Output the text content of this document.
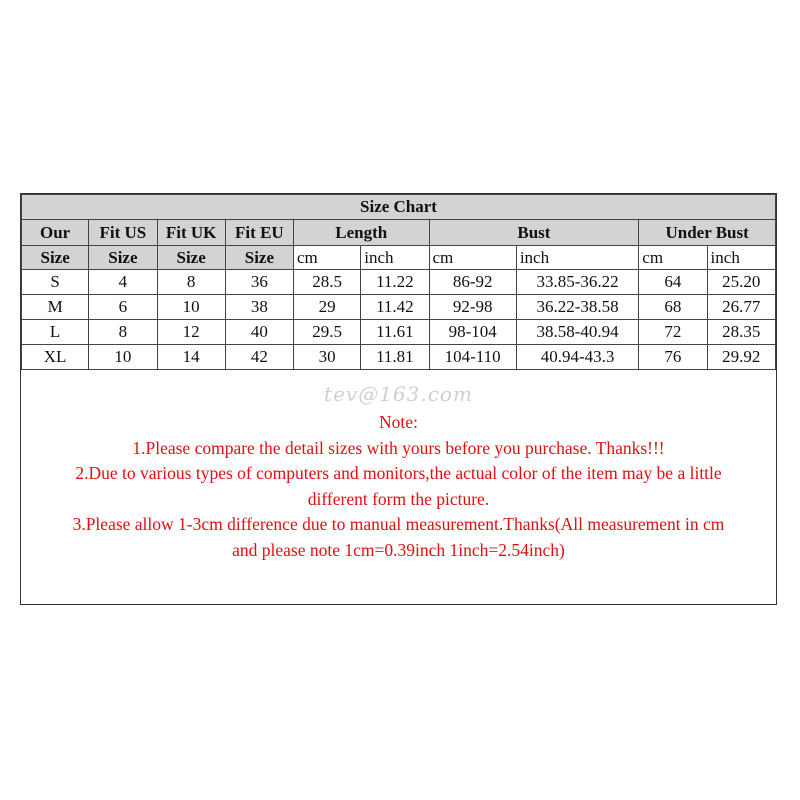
Size Chart									
Our	Fit US	Fit UK	Fit EU	Length		Bust		Under Bust	
Size	Size	Size	Size	cm	inch	cm	inch	cm	inch
S	4	8	36	28.5	11.22	86-92	33.85-36.22	64	25.20
M	6	10	38	29	11.42	92-98	36.22-38.58	68	26.77
L	8	12	40	29.5	11.61	98-104	38.58-40.94	72	28.35
XL	10	14	42	30	11.81	104-110	40.94-43.3	76	29.92
tev@163.com
Note:
1.Please compare the detail sizes with yours before you purchase. Thanks!!!
2.Due to various types of computers and monitors,the actual color of the item may be a little
different form the picture.
3.Please allow 1-3cm difference due to manual measurement.Thanks(All measurement in cm
and please note 1cm=0.39inch 1inch=2.54inch)
